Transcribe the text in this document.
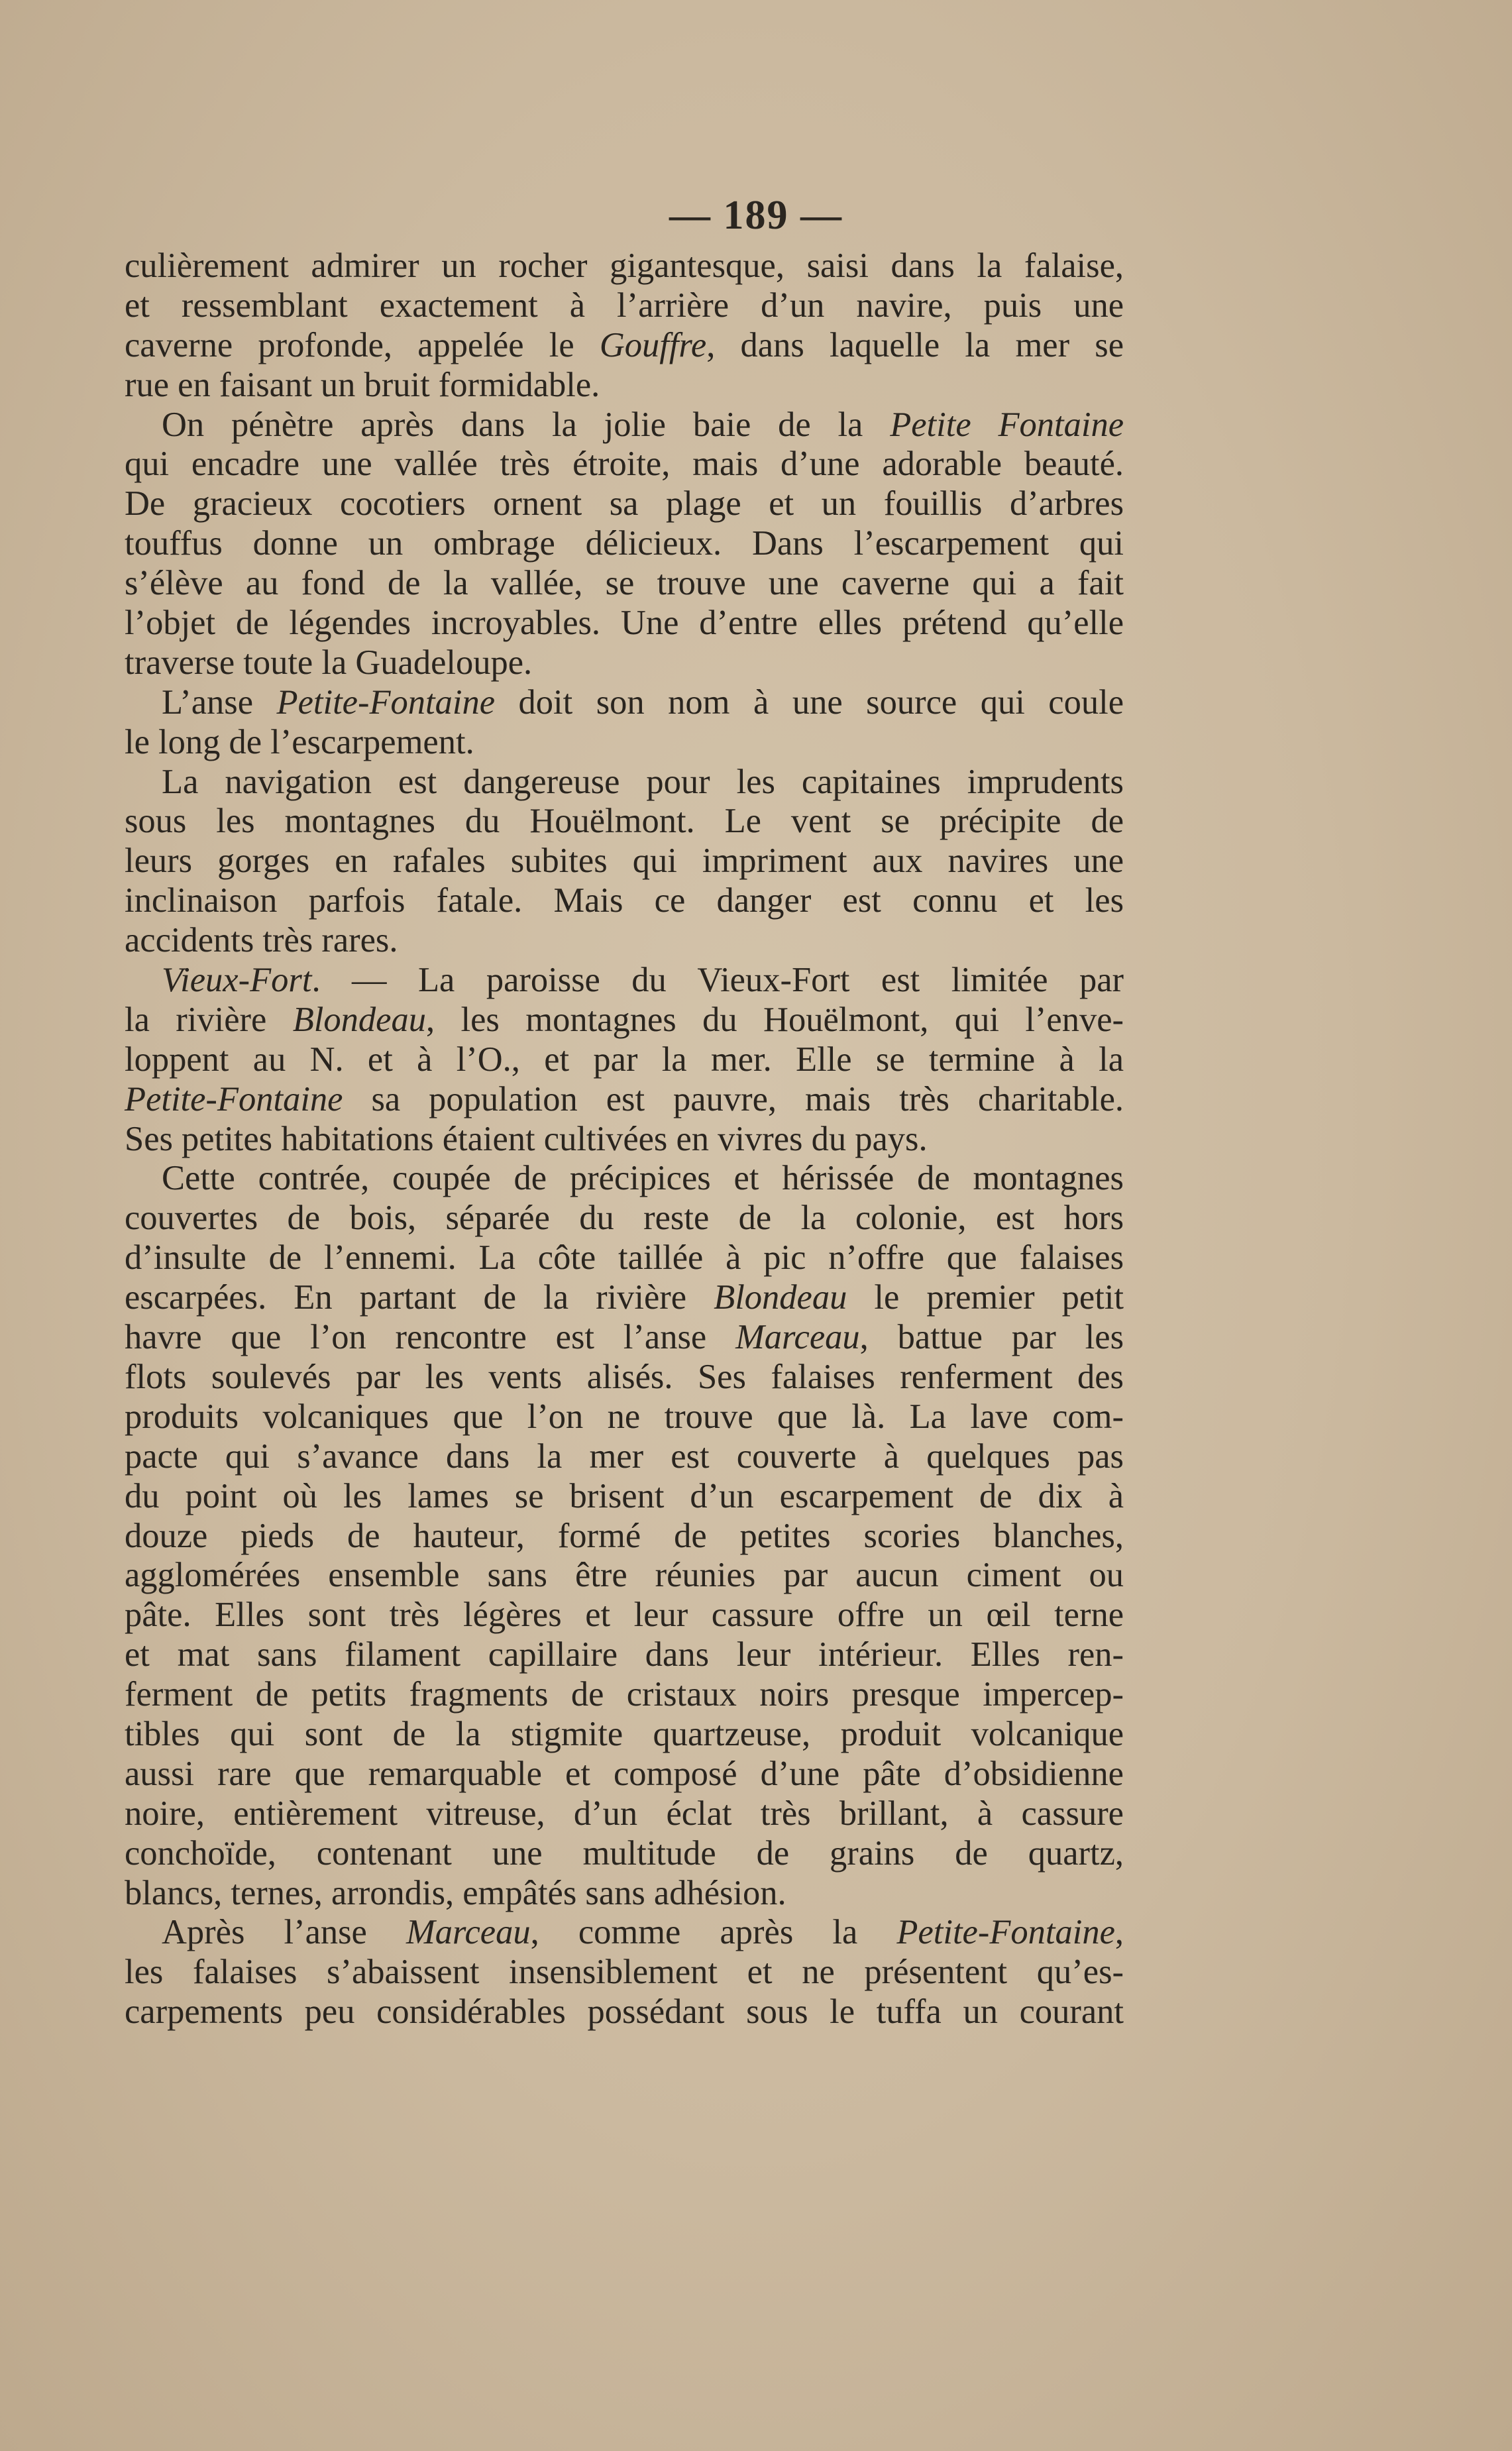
— 189 —
culièrement admirer un rocher gigantesque, saisi dans la falaise,
et ressemblant exactement à l’arrière d’un navire, puis une
caverne profonde, appelée le Gouffre, dans laquelle la mer se
rue en faisant un bruit formidable.
On pénètre après dans la jolie baie de la Petite Fontaine
qui encadre une vallée très étroite, mais d’une adorable beauté.
De gracieux cocotiers ornent sa plage et un fouillis d’arbres
touffus donne un ombrage délicieux. Dans l’escarpement qui
s’élève au fond de la vallée, se trouve une caverne qui a fait
l’objet de légendes incroyables. Une d’entre elles prétend qu’elle
traverse toute la Guadeloupe.
L’anse Petite-Fontaine doit son nom à une source qui coule
le long de l’escarpement.
La navigation est dangereuse pour les capitaines imprudents
sous les montagnes du Houëlmont. Le vent se précipite de
leurs gorges en rafales subites qui impriment aux navires une
inclinaison parfois fatale. Mais ce danger est connu et les
accidents très rares.
Vieux-Fort. — La paroisse du Vieux-Fort est limitée par
la rivière Blondeau, les montagnes du Houëlmont, qui l’enve-
loppent au N. et à l’O., et par la mer. Elle se termine à la
Petite-Fontaine sa population est pauvre, mais très charitable.
Ses petites habitations étaient cultivées en vivres du pays.
Cette contrée, coupée de précipices et hérissée de montagnes
couvertes de bois, séparée du reste de la colonie, est hors
d’insulte de l’ennemi. La côte taillée à pic n’offre que falaises
escarpées. En partant de la rivière Blondeau le premier petit
havre que l’on rencontre est l’anse Marceau, battue par les
flots soulevés par les vents alisés. Ses falaises renferment des
produits volcaniques que l’on ne trouve que là. La lave com-
pacte qui s’avance dans la mer est couverte à quelques pas
du point où les lames se brisent d’un escarpement de dix à
douze pieds de hauteur, formé de petites scories blanches,
agglomérées ensemble sans être réunies par aucun ciment ou
pâte. Elles sont très légères et leur cassure offre un œil terne
et mat sans filament capillaire dans leur intérieur. Elles ren-
ferment de petits fragments de cristaux noirs presque impercep-
tibles qui sont de la stigmite quartzeuse, produit volcanique
aussi rare que remarquable et composé d’une pâte d’obsidienne
noire, entièrement vitreuse, d’un éclat très brillant, à cassure
conchoïde, contenant une multitude de grains de quartz,
blancs, ternes, arrondis, empâtés sans adhésion.
Après l’anse Marceau, comme après la Petite-Fontaine,
les falaises s’abaissent insensiblement et ne présentent qu’es-
carpements peu considérables possédant sous le tuffa un courant
